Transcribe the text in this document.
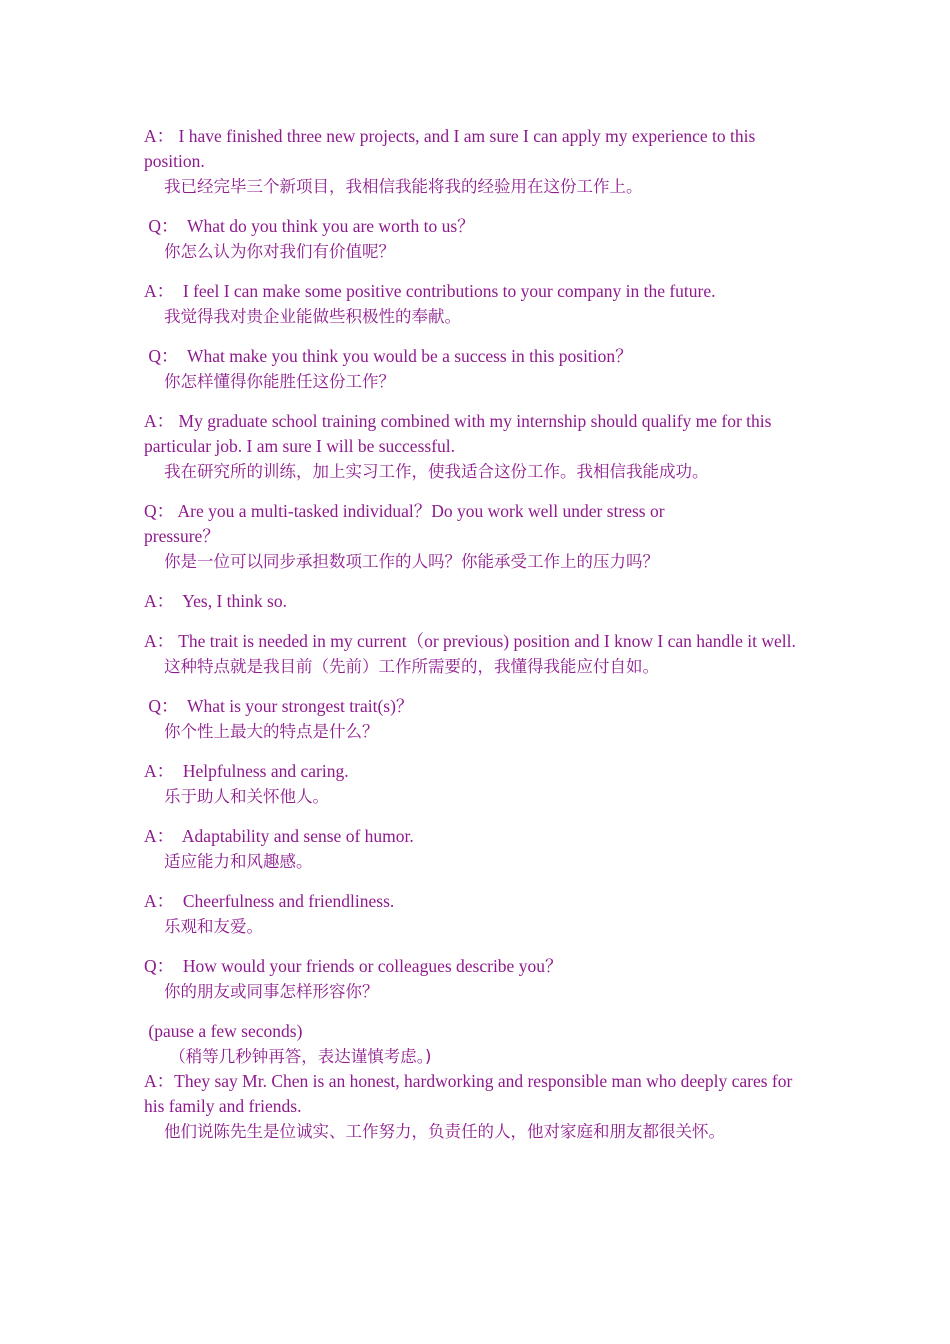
A： I have finished three new projects, and I am sure I can apply my experience to this position.
我已经完毕三个新项目，我相信我能将我的经验用在这份工作上。

Q：  What do you think you are worth to us？
你怎么认为你对我们有价值呢？

A：  I feel I can make some positive contributions to your company in the future.
我觉得我对贵企业能做些积极性的奉献。

Q：  What make you think you would be a success in this position？
你怎样懂得你能胜任这份工作？

A： My graduate school training combined with my internship should qualify me for this particular job. I am sure I will be successful.
我在研究所的训练，加上实习工作，使我适合这份工作。我相信我能成功。

Q： Are you a multi-tasked individual？Do you work well under stress or pressure？
你是一位可以同步承担数项工作的人吗？你能承受工作上的压力吗？

A：  Yes, I think so.

A： The trait is needed in my current（or previous) position and I know I can handle it well.
这种特点就是我目前（先前）工作所需要的，我懂得我能应付自如。

Q：  What is your strongest trait(s)？
你个性上最大的特点是什么？

A：  Helpfulness and caring.
乐于助人和关怀他人。

A：  Adaptability and sense of humor.
适应能力和风趣感。

A：  Cheerfulness and friendliness.
乐观和友爱。

Q：  How would your friends or colleagues describe you？
你的朋友或同事怎样形容你？

(pause a few seconds)
（稍等几秒钟再答，表达谨慎考虑。)

A：They say Mr. Chen is an honest, hardworking and responsible man who deeply cares for his family and friends.
他们说陈先生是位诚实、工作努力，负责任的人，他对家庭和朋友都很关怀。
